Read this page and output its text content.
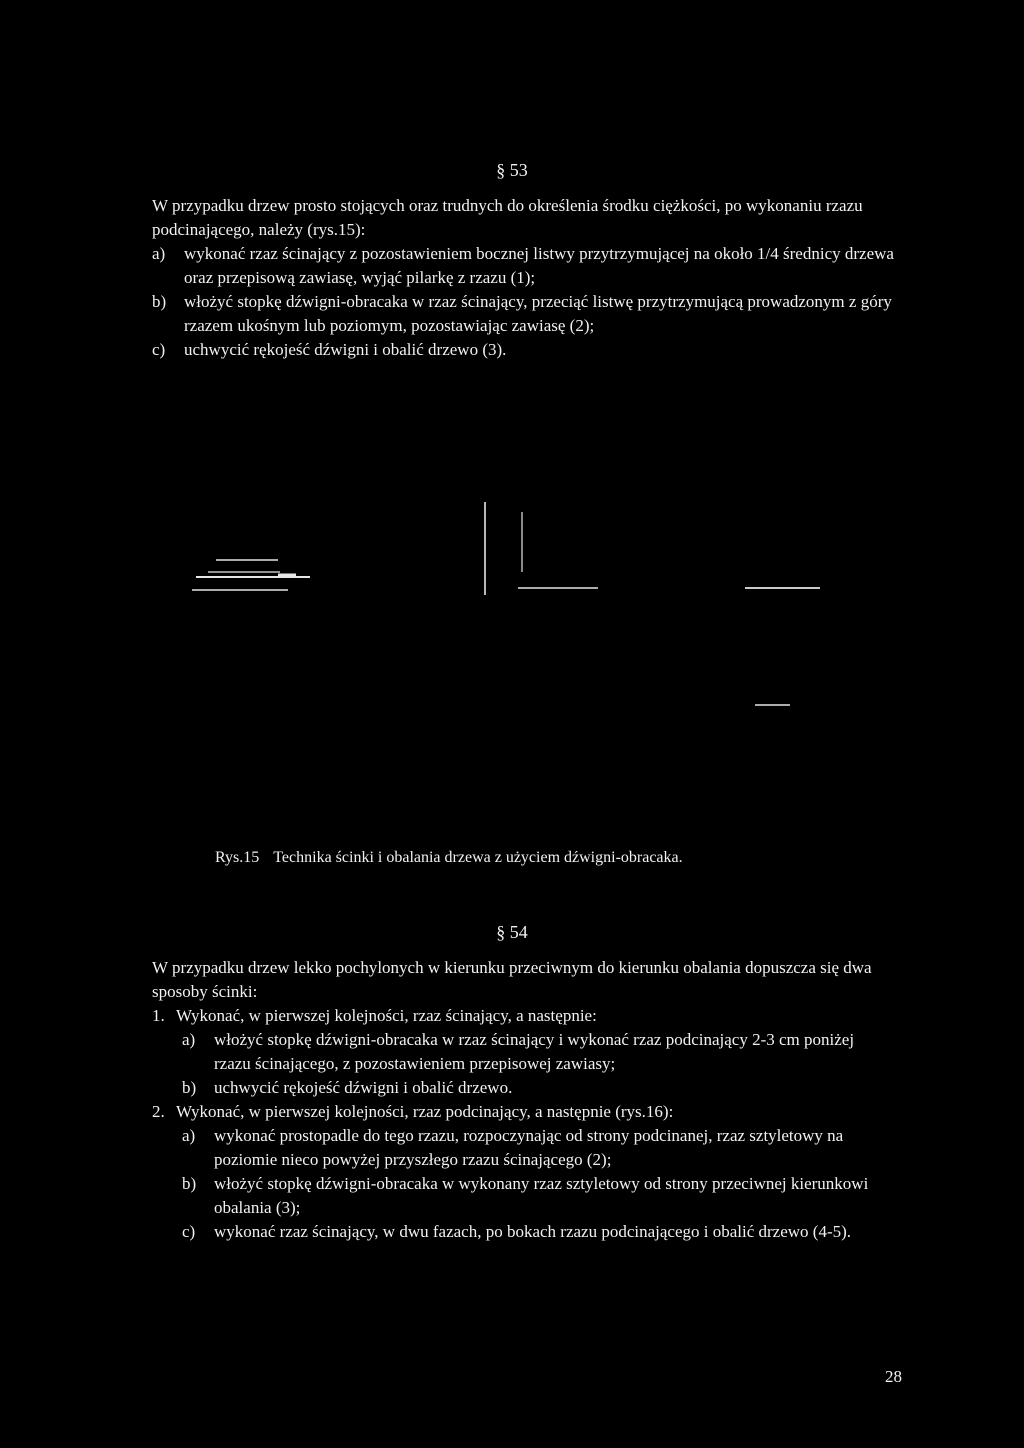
§ 53

W przypadku drzew prosto stojących oraz trudnych do określenia środku ciężkości, po wykonaniu rzazu podcinającego, należy (rys.15):

a)	wykonać rzaz ścinający z pozostawieniem bocznej listwy przytrzymującej na około 1/4 średnicy drzewa oraz przepisową zawiasę, wyjąć pilarkę z rzazu (1);
b)	włożyć stopkę dźwigni-obracaka w rzaz ścinający, przeciąć listwę przytrzymującą prowadzonym z góry rzazem ukośnym lub poziomym, pozostawiając zawiasę (2);
c)	uchwycić rękojeść dźwigni i obalić drzewo (3).
Rys.15 Technika ścinki i obalania drzewa z użyciem dźwigni-obracaka.
§ 54

W przypadku drzew lekko pochylonych w kierunku przeciwnym do kierunku obalania dopuszcza się dwa sposoby ścinki:

1. Wykonać, w pierwszej kolejności, rzaz ścinający, a następnie:
a)	włożyć stopkę dźwigni-obracaka w rzaz ścinający i wykonać rzaz podcinający 2-3 cm poniżej rzazu ścinającego, z pozostawieniem przepisowej zawiasy;
b)	uchwycić rękojeść dźwigni i obalić drzewo.
2. Wykonać, w pierwszej kolejności, rzaz podcinający, a następnie (rys.16):
a)	wykonać prostopadle do tego rzazu, rozpoczynając od strony podcinanej, rzaz sztyletowy na poziomie nieco powyżej przyszłego rzazu ścinającego (2);
b)	włożyć stopkę dźwigni-obracaka w wykonany rzaz sztyletowy od strony przeciwnej kierunkowi obalania (3);
c)	wykonać rzaz ścinający, w dwu fazach, po bokach rzazu podcinającego i obalić drzewo (4-5).
28
